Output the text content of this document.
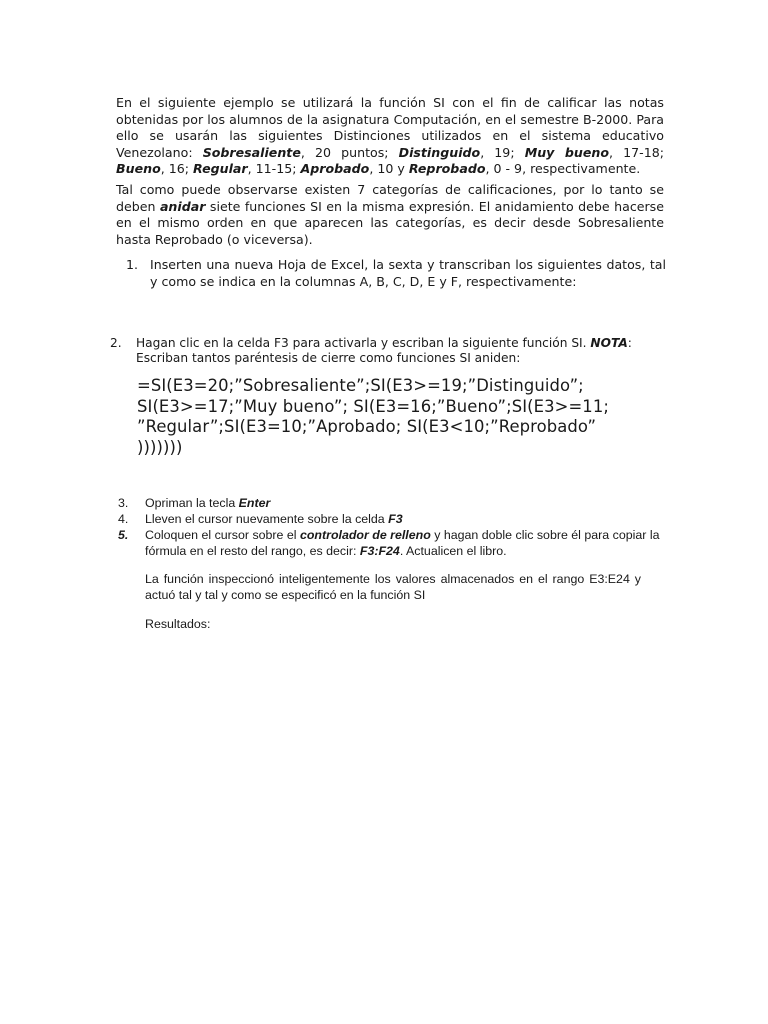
En el siguiente ejemplo se utilizará la función SI con el fin de calificar las notas obtenidas por los alumnos de la asignatura Computación, en el semestre B-2000. Para ello se usarán las siguientes Distinciones utilizados en el sistema educativo Venezolano: Sobresaliente, 20 puntos; Distinguido, 19; Muy bueno, 17-18; Bueno, 16; Regular, 11-15; Aprobado, 10 y Reprobado, 0 - 9, respectivamente.

Tal como puede observarse existen 7 categorías de calificaciones, por lo tanto se deben anidar siete funciones SI en la misma expresión. El anidamiento debe hacerse en el mismo orden en que aparecen las categorías, es decir desde Sobresaliente hasta Reprobado (o viceversa).

1. Inserten una nueva Hoja de Excel, la sexta y transcriban los siguientes datos, tal y como se indica en la columnas A, B, C, D, E y F, respectivamente:
2. Hagan clic en la celda F3 para activarla y escriban la siguiente función SI. NOTA: Escriban tantos paréntesis de cierre como funciones SI aniden:
=SI(E3=20;”Sobresaliente”;SI(E3>=19;”Distinguido”;
SI(E3>=17;”Muy bueno”; SI(E3=16;”Bueno”;SI(E3>=11;
”Regular”;SI(E3=10;”Aprobado; SI(E3<10;”Reprobado”
)))))))
3. Opriman la tecla Enter
4. Lleven el cursor nuevamente sobre la celda F3
5. Coloquen el cursor sobre el controlador de relleno y hagan doble clic sobre él para copiar la fórmula en el resto del rango, es decir: F3:F24. Actualicen el libro.

La función inspeccionó inteligentemente los valores almacenados en el rango E3:E24 y actuó tal y tal y como se especificó en la función SI

Resultados:
